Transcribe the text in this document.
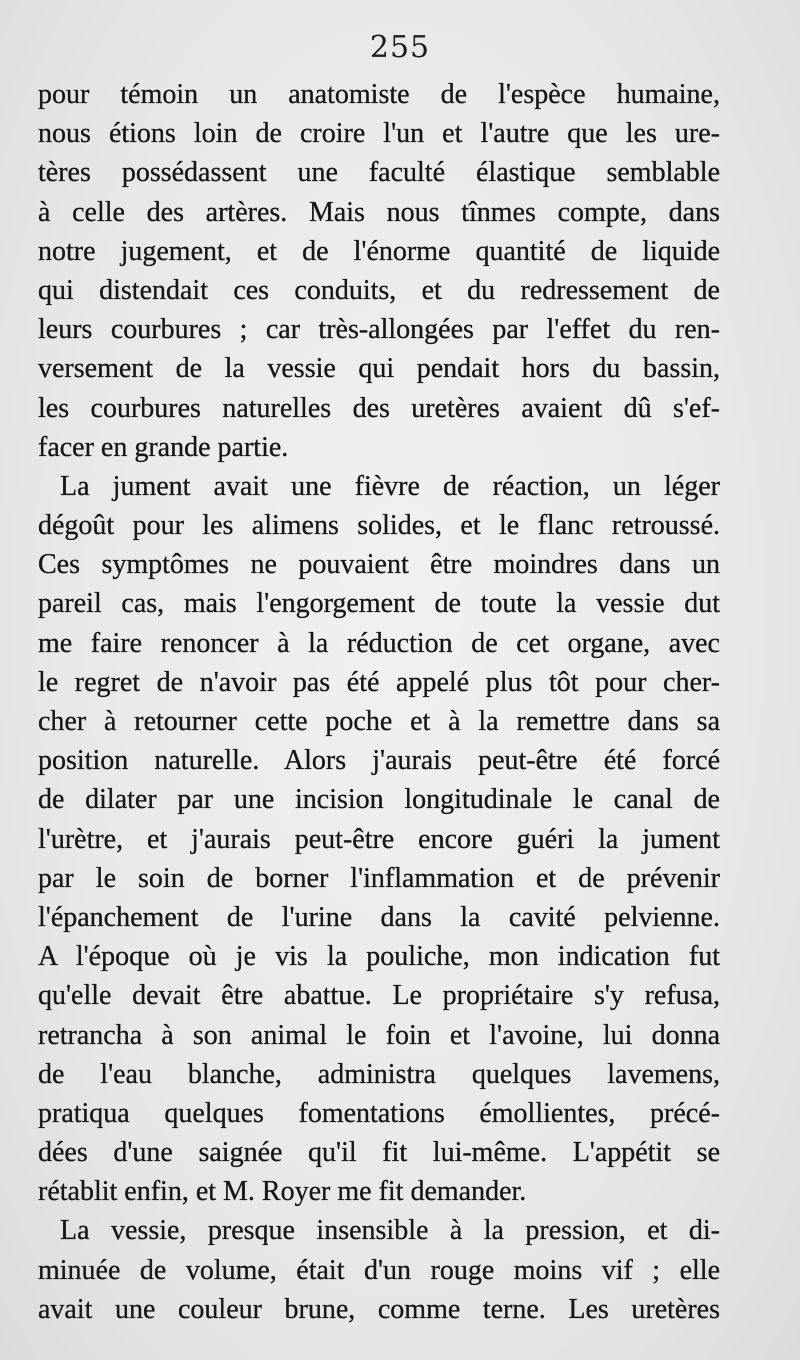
255
pour témoin un anatomiste de l'espèce humaine,
nous étions loin de croire l'un et l'autre que les ure-
tères possédassent une faculté élastique semblable
à celle des artères. Mais nous tînmes compte, dans
notre jugement, et de l'énorme quantité de liquide
qui distendait ces conduits, et du redressement de
leurs courbures ; car très-allongées par l'effet du ren-
versement de la vessie qui pendait hors du bassin,
les courbures naturelles des uretères avaient dû s'ef-
facer en grande partie.
La jument avait une fièvre de réaction, un léger
dégoût pour les alimens solides, et le flanc retroussé.
Ces symptômes ne pouvaient être moindres dans un
pareil cas, mais l'engorgement de toute la vessie dut
me faire renoncer à la réduction de cet organe, avec
le regret de n'avoir pas été appelé plus tôt pour cher-
cher à retourner cette poche et à la remettre dans sa
position naturelle. Alors j'aurais peut-être été forcé
de dilater par une incision longitudinale le canal de
l'urètre, et j'aurais peut-être encore guéri la jument
par le soin de borner l'inflammation et de prévenir
l'épanchement de l'urine dans la cavité pelvienne.
A l'époque où je vis la pouliche, mon indication fut
qu'elle devait être abattue. Le propriétaire s'y refusa,
retrancha à son animal le foin et l'avoine, lui donna
de l'eau blanche, administra quelques lavemens,
pratiqua quelques fomentations émollientes, précé-
dées d'une saignée qu'il fit lui-même. L'appétit se
rétablit enfin, et M. Royer me fit demander.
La vessie, presque insensible à la pression, et di-
minuée de volume, était d'un rouge moins vif ; elle
avait une couleur brune, comme terne. Les uretères
